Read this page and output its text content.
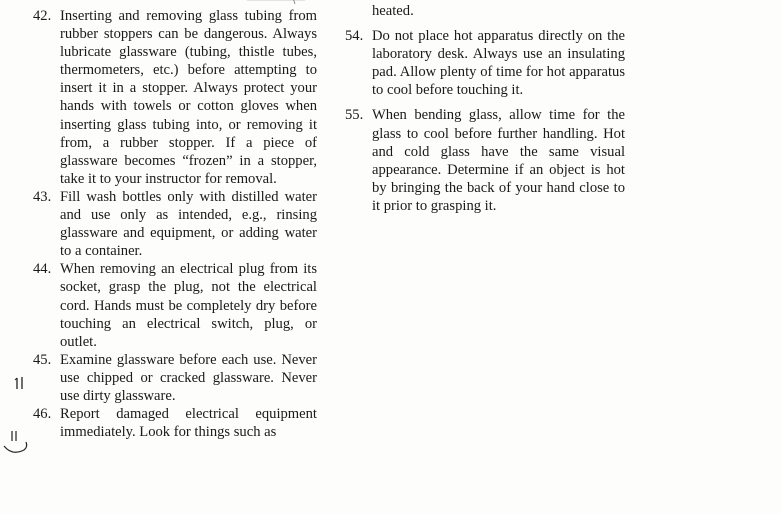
42. Inserting and removing glass tubing from rubber stoppers can be dangerous. Always lubricate glassware (tubing, thistle tubes, thermometers, etc.) before attempting to insert it in a stopper. Always protect your hands with towels or cotton gloves when inserting glass tubing into, or removing it from, a rubber stopper. If a piece of glassware becomes “frozen” in a stopper, take it to your instructor for removal.
43. Fill wash bottles only with distilled water and use only as intended, e.g., rinsing glassware and equipment, or adding water to a container.
44. When removing an electrical plug from its socket, grasp the plug, not the electrical cord. Hands must be completely dry before touching an electrical switch, plug, or outlet.
45. Examine glassware before each use. Never use chipped or cracked glassware. Never use dirty glassware.
46. Report damaged electrical equipment immediately. Look for things such as
heated.
54. Do not place hot apparatus directly on the laboratory desk. Always use an insulating pad. Allow plenty of time for hot apparatus to cool before touching it.
55. When bending glass, allow time for the glass to cool before further handling. Hot and cold glass have the same visual appearance. Determine if an object is hot by bringing the back of your hand close to it prior to grasping it.
